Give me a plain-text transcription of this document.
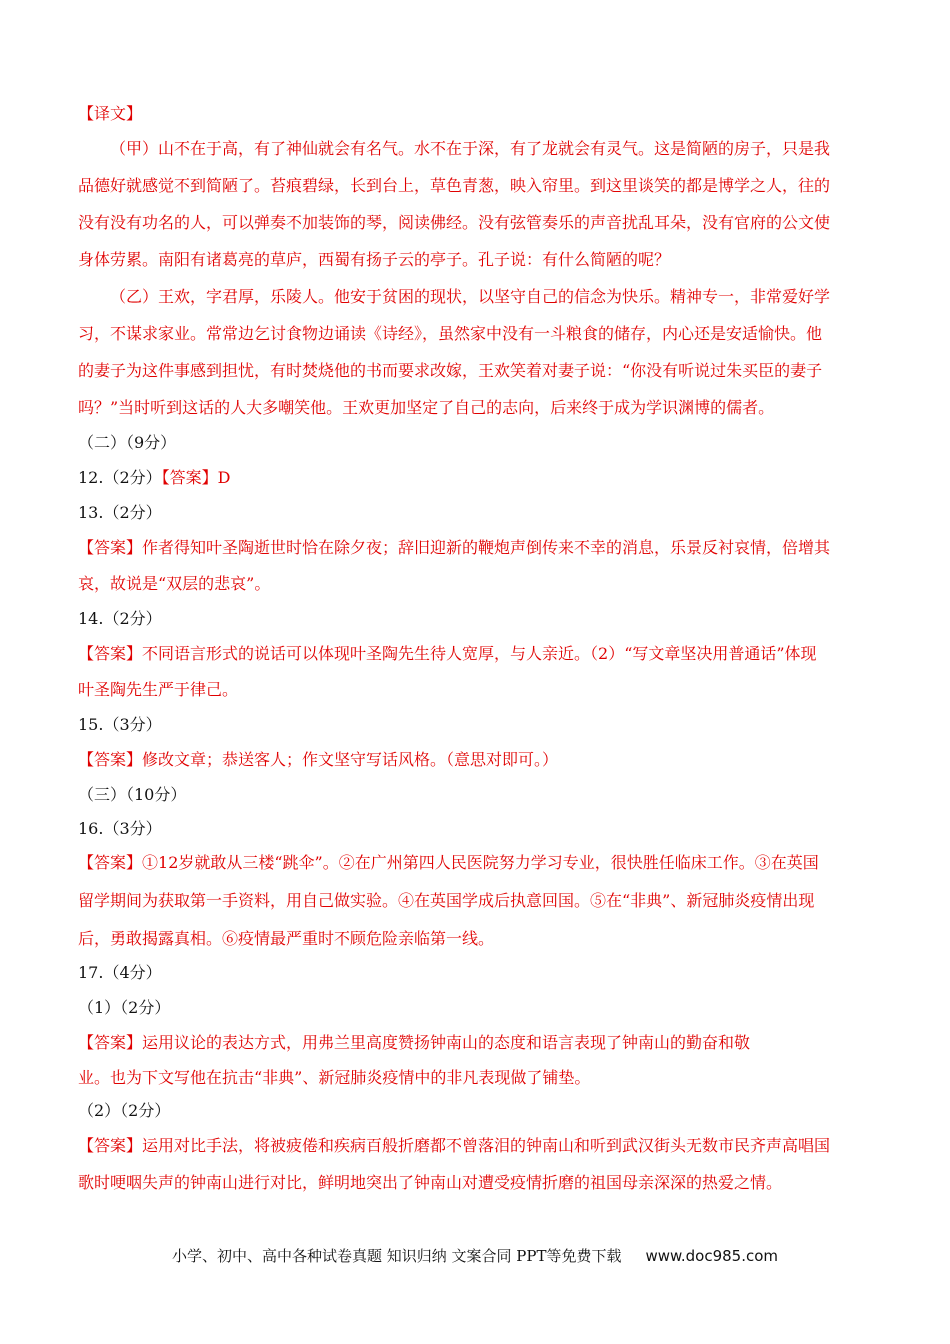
【译文】
（甲）山不在于高，有了神仙就会有名气。水不在于深，有了龙就会有灵气。这是简陋的房子，只是我
品德好就感觉不到简陋了。苔痕碧绿，长到台上，草色青葱，映入帘里。到这里谈笑的都是博学之人，往的
没有没有功名的人，可以弹奏不加装饰的琴，阅读佛经。没有弦管奏乐的声音扰乱耳朵，没有官府的公文使
身体劳累。南阳有诸葛亮的草庐，西蜀有扬子云的亭子。孔子说：有什么简陋的呢？
（乙）王欢，字君厚，乐陵人。他安于贫困的现状，以坚守自己的信念为快乐。精神专一，非常爱好学
习，不谋求家业。常常边乞讨食物边诵读《诗经》，虽然家中没有一斗粮食的储存，内心还是安适愉快。他
的妻子为这件事感到担忧，有时焚烧他的书而要求改嫁，王欢笑着对妻子说：“你没有听说过朱买臣的妻子
吗？”当时听到这话的人大多嘲笑他。王欢更加坚定了自己的志向，后来终于成为学识渊博的儒者。
（二）（9分）
12.（2分）【答案】D
13.（2分）
【答案】作者得知叶圣陶逝世时恰在除夕夜；辞旧迎新的鞭炮声倒传来不幸的消息，乐景反衬哀情，倍增其
哀，故说是“双层的悲哀”。
14.（2分）
【答案】不同语言形式的说话可以体现叶圣陶先生待人宽厚，与人亲近。（2）“写文章坚决用普通话”体现
叶圣陶先生严于律己。
15.（3分）
【答案】修改文章；恭送客人；作文坚守写话风格。（意思对即可。）
（三）（10分）
16.（3分）
【答案】①12岁就敢从三楼“跳伞”。②在广州第四人民医院努力学习专业，很快胜任临床工作。③在英国
留学期间为获取第一手资料，用自己做实验。④在英国学成后执意回国。⑤在“非典”、新冠肺炎疫情出现
后，勇敢揭露真相。⑥疫情最严重时不顾危险亲临第一线。
17.（4分）
（1）（2分）
【答案】运用议论的表达方式，用弗兰里高度赞扬钟南山的态度和语言表现了钟南山的勤奋和敬
业。也为下文写他在抗击“非典”、新冠肺炎疫情中的非凡表现做了铺垫。
（2）（2分）
【答案】运用对比手法，将被疲倦和疾病百般折磨都不曾落泪的钟南山和听到武汉街头无数市民齐声高唱国
歌时哽咽失声的钟南山进行对比，鲜明地突出了钟南山对遭受疫情折磨的祖国母亲深深的热爱之情。
小学、初中、高中各种试卷真题 知识归纳 文案合同 PPT等免费下载 www.doc985.com
